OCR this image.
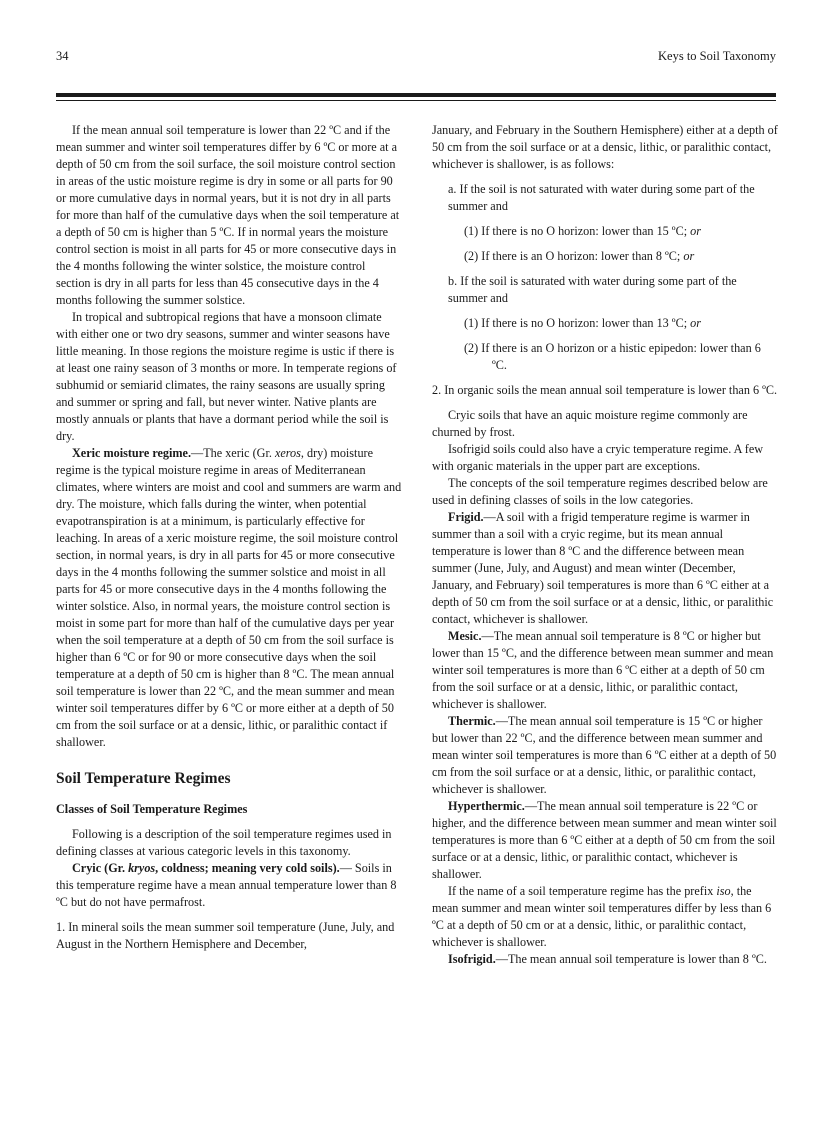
34	Keys to Soil Taxonomy

If the mean annual soil temperature is lower than 22 ºC and if the mean summer and winter soil temperatures differ by 6 ºC or more at a depth of 50 cm from the soil surface, the soil moisture control section in areas of the ustic moisture regime is dry in some or all parts for 90 or more cumulative days in normal years, but it is not dry in all parts for more than half of the cumulative days when the soil temperature at a depth of 50 cm is higher than 5 ºC. If in normal years the moisture control section is moist in all parts for 45 or more consecutive days in the 4 months following the winter solstice, the moisture control section is dry in all parts for less than 45 consecutive days in the 4 months following the summer solstice.

In tropical and subtropical regions that have a monsoon climate with either one or two dry seasons, summer and winter seasons have little meaning. In those regions the moisture regime is ustic if there is at least one rainy season of 3 months or more. In temperate regions of subhumid or semiarid climates, the rainy seasons are usually spring and summer or spring and fall, but never winter. Native plants are mostly annuals or plants that have a dormant period while the soil is dry.

Xeric moisture regime.—The xeric (Gr. xeros, dry) moisture regime is the typical moisture regime in areas of Mediterranean climates, where winters are moist and cool and summers are warm and dry. The moisture, which falls during the winter, when potential evapotranspiration is at a minimum, is particularly effective for leaching. In areas of a xeric moisture regime, the soil moisture control section, in normal years, is dry in all parts for 45 or more consecutive days in the 4 months following the summer solstice and moist in all parts for 45 or more consecutive days in the 4 months following the winter solstice. Also, in normal years, the moisture control section is moist in some part for more than half of the cumulative days per year when the soil temperature at a depth of 50 cm from the soil surface is higher than 6 ºC or for 90 or more consecutive days when the soil temperature at a depth of 50 cm is higher than 8 ºC. The mean annual soil temperature is lower than 22 ºC, and the mean summer and mean winter soil temperatures differ by 6 ºC or more either at a depth of 50 cm from the soil surface or at a densic, lithic, or paralithic contact if shallower.

Soil Temperature Regimes

Classes of Soil Temperature Regimes

Following is a description of the soil temperature regimes used in defining classes at various categoric levels in this taxonomy.

Cryic (Gr. kryos, coldness; meaning very cold soils).— Soils in this temperature regime have a mean annual temperature lower than 8 ºC but do not have permafrost.

1. In mineral soils the mean summer soil temperature (June, July, and August in the Northern Hemisphere and December,

January, and February in the Southern Hemisphere) either at a depth of 50 cm from the soil surface or at a densic, lithic, or paralithic contact, whichever is shallower, is as follows:

a. If the soil is not saturated with water during some part of the summer and

(1) If there is no O horizon: lower than 15 ºC; or

(2) If there is an O horizon: lower than 8 ºC; or

b. If the soil is saturated with water during some part of the summer and

(1) If there is no O horizon: lower than 13 ºC; or

(2) If there is an O horizon or a histic epipedon: lower than 6 ºC.

2. In organic soils the mean annual soil temperature is lower than 6 ºC.

Cryic soils that have an aquic moisture regime commonly are churned by frost.

Isofrigid soils could also have a cryic temperature regime. A few with organic materials in the upper part are exceptions.

The concepts of the soil temperature regimes described below are used in defining classes of soils in the low categories.

Frigid.—A soil with a frigid temperature regime is warmer in summer than a soil with a cryic regime, but its mean annual temperature is lower than 8 ºC and the difference between mean summer (June, July, and August) and mean winter (December, January, and February) soil temperatures is more than 6 ºC either at a depth of 50 cm from the soil surface or at a densic, lithic, or paralithic contact, whichever is shallower.

Mesic.—The mean annual soil temperature is 8 ºC or higher but lower than 15 ºC, and the difference between mean summer and mean winter soil temperatures is more than 6 ºC either at a depth of 50 cm from the soil surface or at a densic, lithic, or paralithic contact, whichever is shallower.

Thermic.—The mean annual soil temperature is 15 ºC or higher but lower than 22 ºC, and the difference between mean summer and mean winter soil temperatures is more than 6 ºC either at a depth of 50 cm from the soil surface or at a densic, lithic, or paralithic contact, whichever is shallower.

Hyperthermic.—The mean annual soil temperature is 22 ºC or higher, and the difference between mean summer and mean winter soil temperatures is more than 6 ºC either at a depth of 50 cm from the soil surface or at a densic, lithic, or paralithic contact, whichever is shallower.

If the name of a soil temperature regime has the prefix iso, the mean summer and mean winter soil temperatures differ by less than 6 ºC at a depth of 50 cm or at a densic, lithic, or paralithic contact, whichever is shallower.

Isofrigid.—The mean annual soil temperature is lower than 8 ºC.
